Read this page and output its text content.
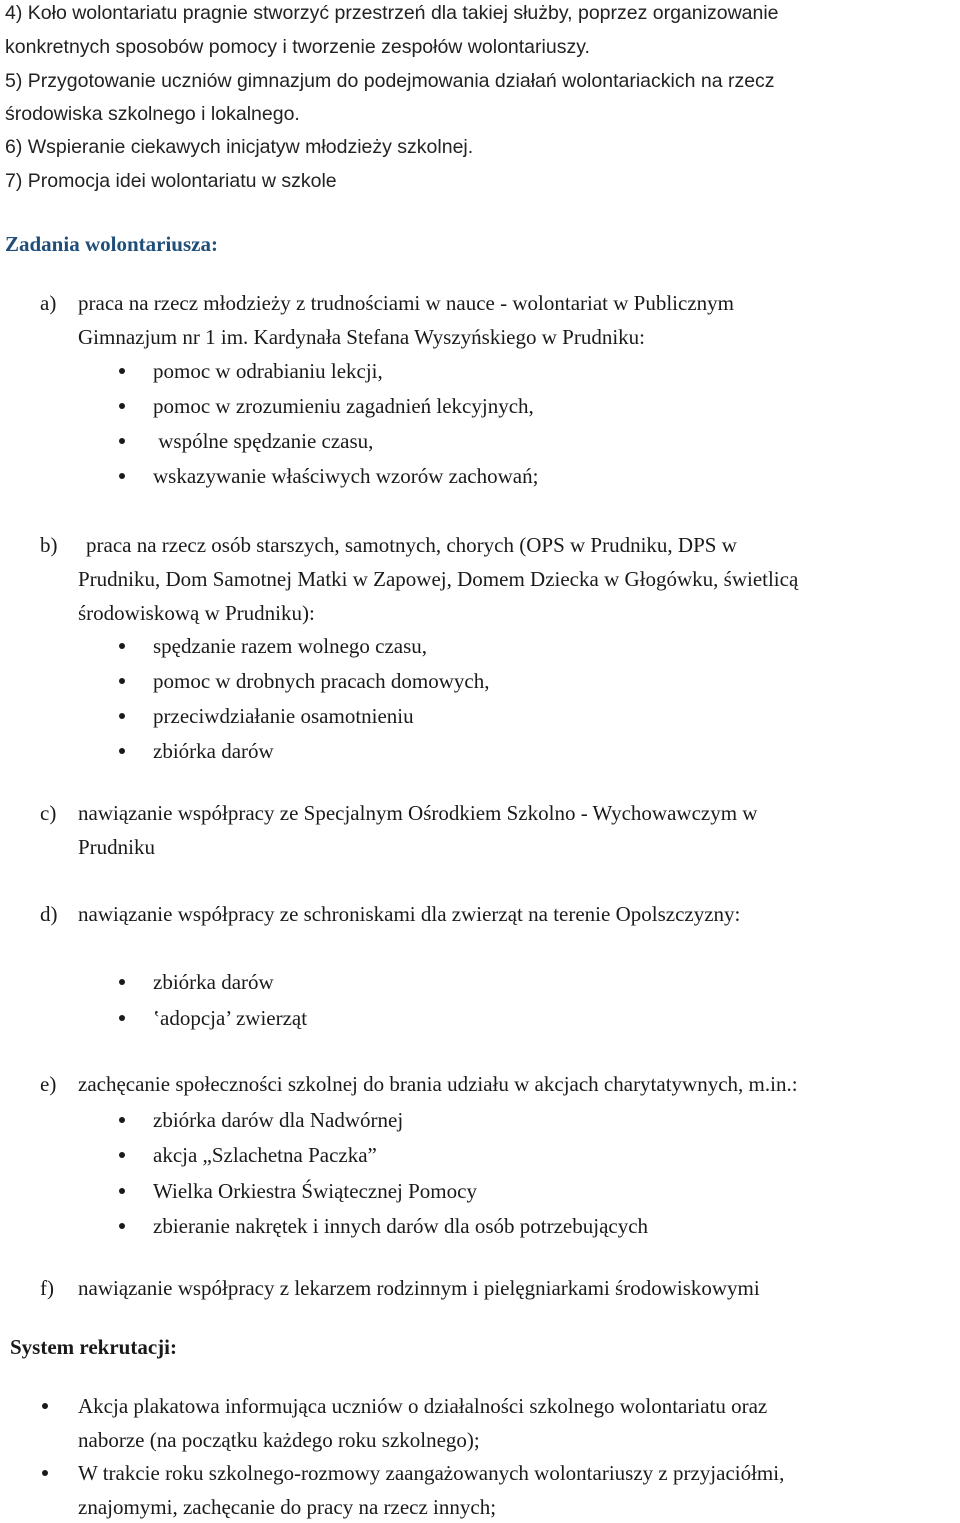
4) Koło wolontariatu pragnie stworzyć przestrzeń dla takiej służby, poprzez organizowanie
konkretnych sposobów pomocy i tworzenie zespołów wolontariuszy.
5) Przygotowanie uczniów gimnazjum do podejmowania działań wolontariackich na rzecz
środowiska szkolnego i lokalnego.
6) Wspieranie ciekawych inicjatyw młodzieży szkolnej.
7) Promocja idei wolontariatu w szkole
Zadania wolontariusza:
a) praca na rzecz młodzieży z trudnościami w nauce - wolontariat w Publicznym
Gimnazjum nr 1 im. Kardynała Stefana Wyszyńskiego w Prudniku:
pomoc w odrabianiu lekcji,
pomoc w zrozumieniu zagadnień lekcyjnych,
wspólne spędzanie czasu,
wskazywanie właściwych wzorów zachowań;
b) praca na rzecz osób starszych, samotnych, chorych (OPS w Prudniku, DPS w
Prudniku, Dom Samotnej Matki w Zapowej, Domem Dziecka w Głogówku, świetlicą
środowiskową w Prudniku):
spędzanie razem wolnego czasu,
pomoc w drobnych pracach domowych,
przeciwdziałanie osamotnieniu
zbiórka darów
c) nawiązanie współpracy ze Specjalnym Ośrodkiem Szkolno - Wychowawczym w
Prudniku
d) nawiązanie współpracy ze schroniskami dla zwierząt na terenie Opolszczyzny:
zbiórka darów
‛adopcja’ zwierząt
e) zachęcanie społeczności szkolnej do brania udziału w akcjach charytatywnych, m.in.:
zbiórka darów dla Nadwórnej
akcja „Szlachetna Paczka”
Wielka Orkiestra Świątecznej Pomocy
zbieranie nakrętek i innych darów dla osób potrzebujących
f) nawiązanie współpracy z lekarzem rodzinnym i pielęgniarkami środowiskowymi
System rekrutacji:
Akcja plakatowa informująca uczniów o działalności szkolnego wolontariatu oraz
naborze (na początku każdego roku szkolnego);
W trakcie roku szkolnego-rozmowy zaangażowanych wolontariuszy z przyjaciółmi,
znajomymi, zachęcanie do pracy na rzecz innych;
